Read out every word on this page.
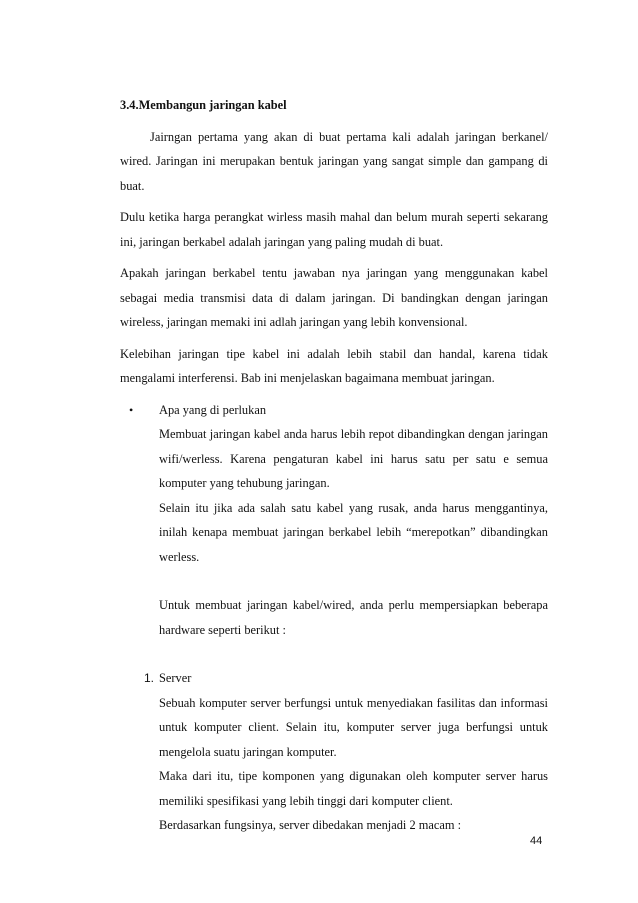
3.4.Membangun jaringan kabel

Jairngan pertama yang akan di buat pertama kali adalah jaringan berkanel/ wired. Jaringan ini merupakan bentuk jaringan yang sangat simple dan gampang di buat.

Dulu ketika harga perangkat wirless masih mahal dan belum murah seperti sekarang ini, jaringan berkabel adalah jaringan yang paling mudah di buat.

Apakah jaringan berkabel tentu jawaban nya jaringan yang menggunakan kabel sebagai media transmisi data di dalam jaringan. Di bandingkan dengan jaringan wireless, jaringan memaki ini adlah jaringan yang lebih konvensional.

Kelebihan jaringan tipe kabel ini adalah lebih stabil dan handal, karena tidak mengalami interferensi. Bab ini menjelaskan bagaimana membuat jaringan.

• Apa yang di perlukan
Membuat jaringan kabel anda harus lebih repot dibandingkan dengan jaringan wifi/werless. Karena pengaturan kabel ini harus satu per satu e semua komputer yang tehubung jaringan.
Selain itu jika ada salah satu kabel yang rusak, anda harus menggantinya, inilah kenapa membuat jaringan berkabel lebih “merepotkan” dibandingkan werless.
Untuk membuat jaringan kabel/wired, anda perlu mempersiapkan beberapa hardware seperti berikut :
1. Server
Sebuah komputer server berfungsi untuk menyediakan fasilitas dan informasi untuk komputer client. Selain itu, komputer server juga berfungsi untuk mengelola suatu jaringan komputer.
Maka dari itu, tipe komponen yang digunakan oleh komputer server harus memiliki spesifikasi yang lebih tinggi dari komputer client.
Berdasarkan fungsinya, server dibedakan menjadi 2 macam :
44
